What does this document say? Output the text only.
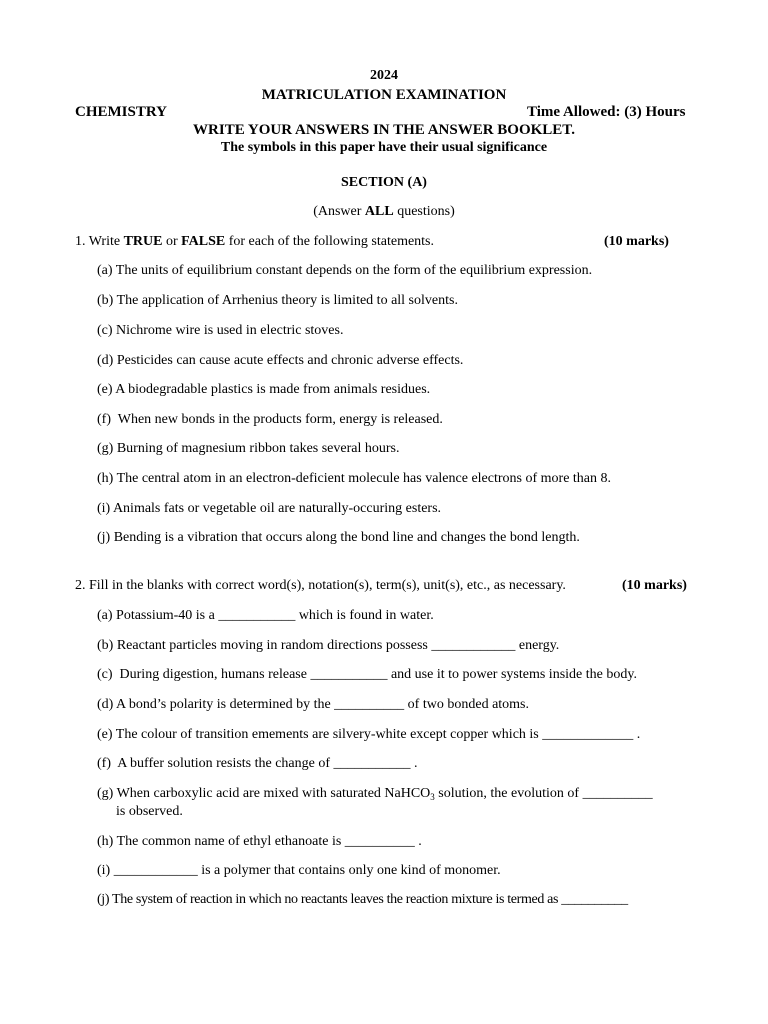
2024
MATRICULATION EXAMINATION
CHEMISTRY	Time Allowed: (3) Hours
WRITE YOUR ANSWERS IN THE ANSWER BOOKLET.
The symbols in this paper have their usual significance
SECTION (A)
(Answer ALL questions)
1. Write TRUE or FALSE for each of the following statements.	(10 marks)
(a) The units of equilibrium constant depends on the form of the equilibrium expression.
(b) The application of Arrhenius theory is limited to all solvents.
(c) Nichrome wire is used in electric stoves.
(d) Pesticides can cause acute effects and chronic adverse effects.
(e) A biodegradable plastics is made from animals residues.
(f)  When new bonds in the products form, energy is released.
(g) Burning of magnesium ribbon takes several hours.
(h) The central atom in an electron-deficient molecule has valence electrons of more than 8.
(i) Animals fats or vegetable oil are naturally-occuring esters.
(j) Bending is a vibration that occurs along the bond line and changes the bond length.
2. Fill in the blanks with correct word(s), notation(s), term(s), unit(s), etc., as necessary.	(10 marks)
(a) Potassium-40 is a ___________ which is found in water.
(b) Reactant particles moving in random directions possess ____________ energy.
(c)  During digestion, humans release ___________ and use it to power systems inside the body.
(d) A bond’s polarity is determined by the __________ of two bonded atoms.
(e) The colour of transition emements are silvery-white except copper which is _____________ .
(f)  A buffer solution resists the change of ___________ .
(g) When carboxylic acid are mixed with saturated NaHCO$_3$ solution, the evolution of __________
is observed.
(h) The common name of ethyl ethanoate is __________ .
(i) ____________ is a polymer that contains only one kind of monomer.
(j) The system of reaction in which no reactants leaves the reaction mixture is termed as __________
